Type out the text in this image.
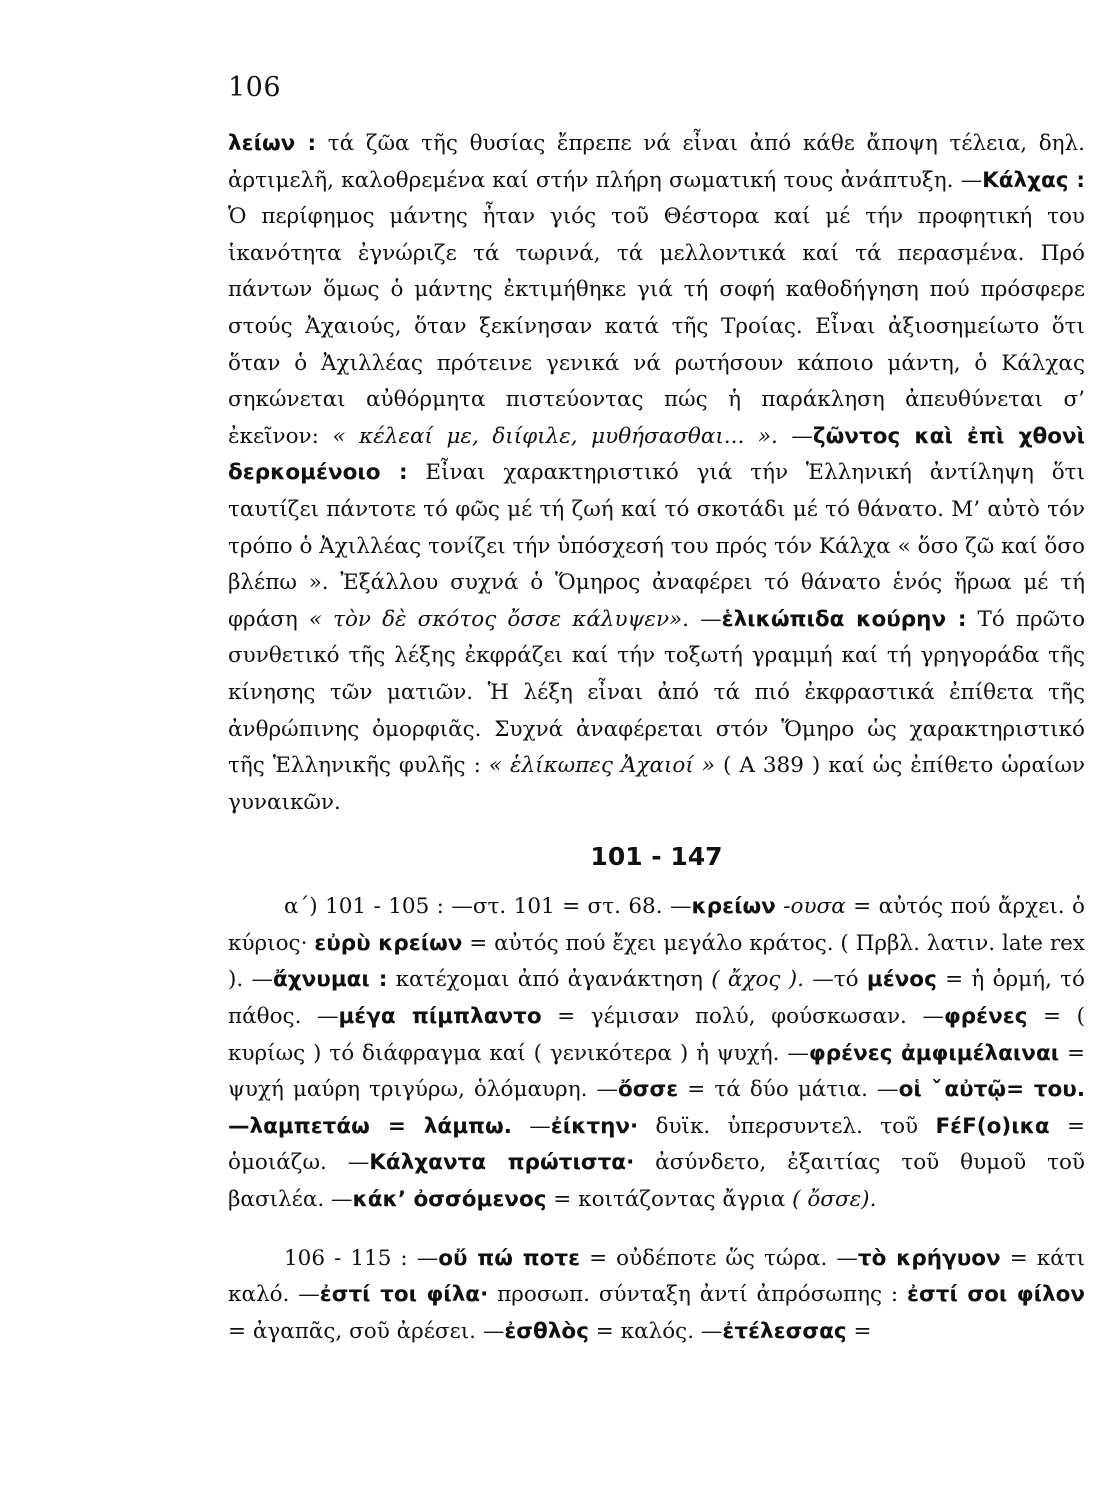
106

λείων : τά ζῶα τῆς θυσίας ἔπρεπε νά εἶναι ἀπό κάθε ἄποψη τέλεια, δηλ. ἀρτιμελῆ, καλοθρεμένα καί στήν πλήρη σωματική τους ἀνάπτυξη. —Κάλχας : Ὁ περίφημος μάντης ἦταν γιός τοῦ Θέστορα καί μέ τήν προφητική του ἱκανότητα ἐγνώριζε τά τωρινά, τά μελλοντικά καί τά περασμένα. Πρό πάντων ὅμως ὁ μάντης ἐκτιμήθηκε γιά τή σοφή καθοδήγηση πού πρόσφερε στούς Ἀχαιούς, ὅταν ξεκίνησαν κατά τῆς Τροίας. Εἶναι ἀξιοσημείωτο ὅτι ὅταν ὁ Ἀχιλλέας πρότεινε γενικά νά ρωτήσουν κάποιο μάντη, ὁ Κάλχας σηκώνεται αὐθόρμητα πιστεύοντας πώς ἡ παράκληση ἀπευθύνεται σ’ ἐκεῖνον: « κέλεαί με, διίφιλε, μυθήσασθαι... ». —ζῶντος καὶ ἐπὶ χθονὶ δερκομένοιο : Εἶναι χαρακτηριστικό γιά τήν Ἑλληνική ἀντίληψη ὅτι ταυτίζει πάντοτε τό φῶς μέ τή ζωή καί τό σκοτάδι μέ τό θάνατο. Μ’ αὐτὸ τόν τρόπο ὁ Ἀχιλλέας τονίζει τήν ὑπόσχεσή του πρός τόν Κάλχα « ὅσο ζῶ καί ὅσο βλέπω ». Ἐξάλλου συχνά ὁ Ὅμηρος ἀναφέρει τό θάνατο ἑνός ἥρωα μέ τή φράση « τὸν δὲ σκότος ὄσσε κάλυψεν». —ἑλικώπιδα κούρην : Τό πρῶτο συνθετικό τῆς λέξης ἐκφράζει καί τήν τοξωτή γραμμή καί τή γρηγοράδα τῆς κίνησης τῶν ματιῶν. Ἡ λέξη εἶναι ἀπό τά πιό ἐκφραστικά ἐπίθετα τῆς ἀνθρώπινης ὀμορφιᾶς. Συχνά ἀναφέρεται στόν Ὅμηρο ὡς χαρακτηριστικό τῆς Ἑλληνικῆς φυλῆς : « ἑλίκωπες Ἀχαιοί » ( Α 389 ) καί ὡς ἐπίθετο ὡραίων γυναικῶν.

101 - 147

α΄) 101 - 105 : —στ. 101 = στ. 68. —κρείων -ουσα = αὐτός πού ἄρχει. ὁ κύριος· εὐρὺ κρείων = αὐτός πού ἔχει μεγάλο κράτος. ( Πρβλ. λατιν. late rex ). —ἄχνυμαι : κατέχομαι ἀπό ἀγανάκτηση ( ἄχος ). —τό μένος = ἡ ὁρμή, τό πάθος. —μέγα πίμπλαντο = γέμισαν πολύ, φούσκωσαν. —φρένες = ( κυρίως ) τό διάφραγμα καί ( γενικότερα ) ἡ ψυχή. —φρένες ἀμφιμέλαιναι = ψυχή μαύρη τριγύρω, ὁλόμαυρη. —ὄσσε = τά δύο μάτια. —οἱ ˇαὐτῷ= του. —λαμπετάω = λάμπω. —ἐίκτην· δυϊκ. ὑπερσυντελ. τοῦ FέF(ο)ικα = ὁμοιάζω. —Κάλχαντα πρώτιστα· ἀσύνδετο, ἐξαιτίας τοῦ θυμοῦ τοῦ βασιλέα. —κάκ’ ὀσσόμενος = κοιτάζοντας ἄγρια ( ὄσσε).

106 - 115 : —οὔ πώ ποτε = οὐδέποτε ὥς τώρα. —τὸ κρήγυον = κάτι καλό. —ἐστί τοι φίλα· προσωπ. σύνταξη ἀντί ἀπρόσωπης : ἐστί σοι φίλον = ἀγαπᾶς, σοῦ ἀρέσει. —ἐσθλὸς = καλός. —ἐτέλεσσας =
